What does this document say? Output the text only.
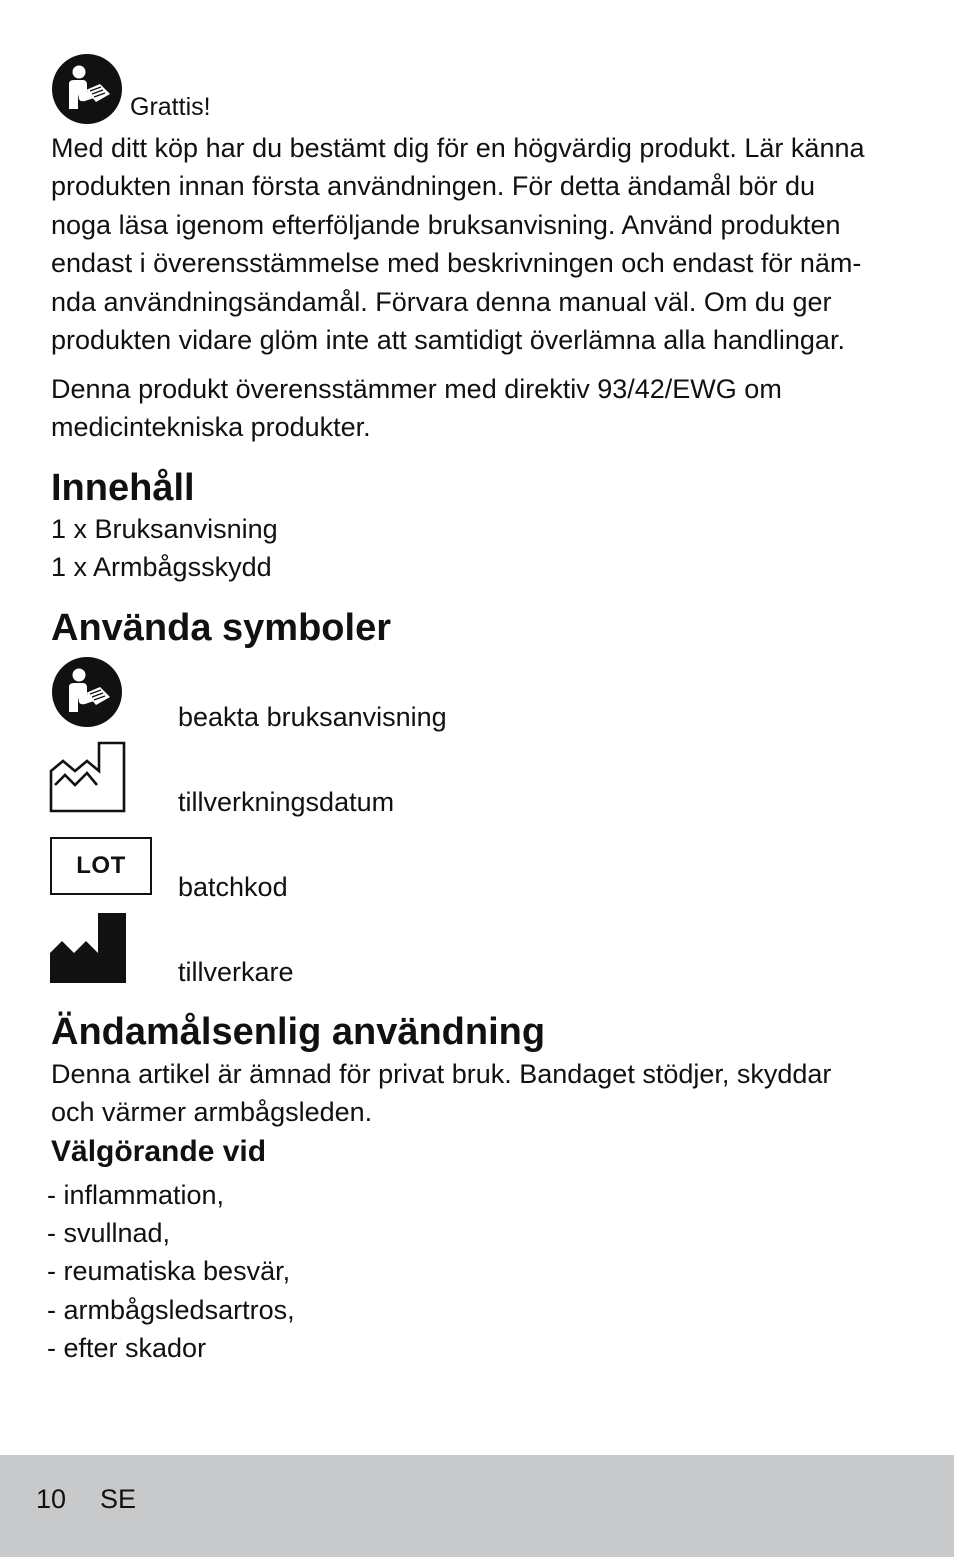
Grattis!

Med ditt köp har du bestämt dig för en högvärdig produkt. Lär känna

produkten innan första användningen. För detta ändamål bör du

noga läsa igenom efterföljande bruksanvisning. Använd produkten

endast i överensstämmelse med beskrivningen och endast för näm-

nda användningsändamål. Förvara denna manual väl. Om du ger

produkten vidare glöm inte att samtidigt överlämna alla handlingar.

Denna produkt överensstämmer med direktiv 93/42/EWG om

medicintekniska produkter.

Innehåll

1 x Bruksanvisning

1 x Armbågsskydd

Använda symboler

beakta bruksanvisning

tillverkningsdatum

LOT

batchkod

tillverkare

Ändamålsenlig användning

Denna artikel är ämnad för privat bruk. Bandaget stödjer, skyddar

och värmer armbågsleden.

Välgörande vid
- inflammation,
- svullnad,
- reumatiska besvär,
- armbågsledsartros,
- efter skador
10 SE
